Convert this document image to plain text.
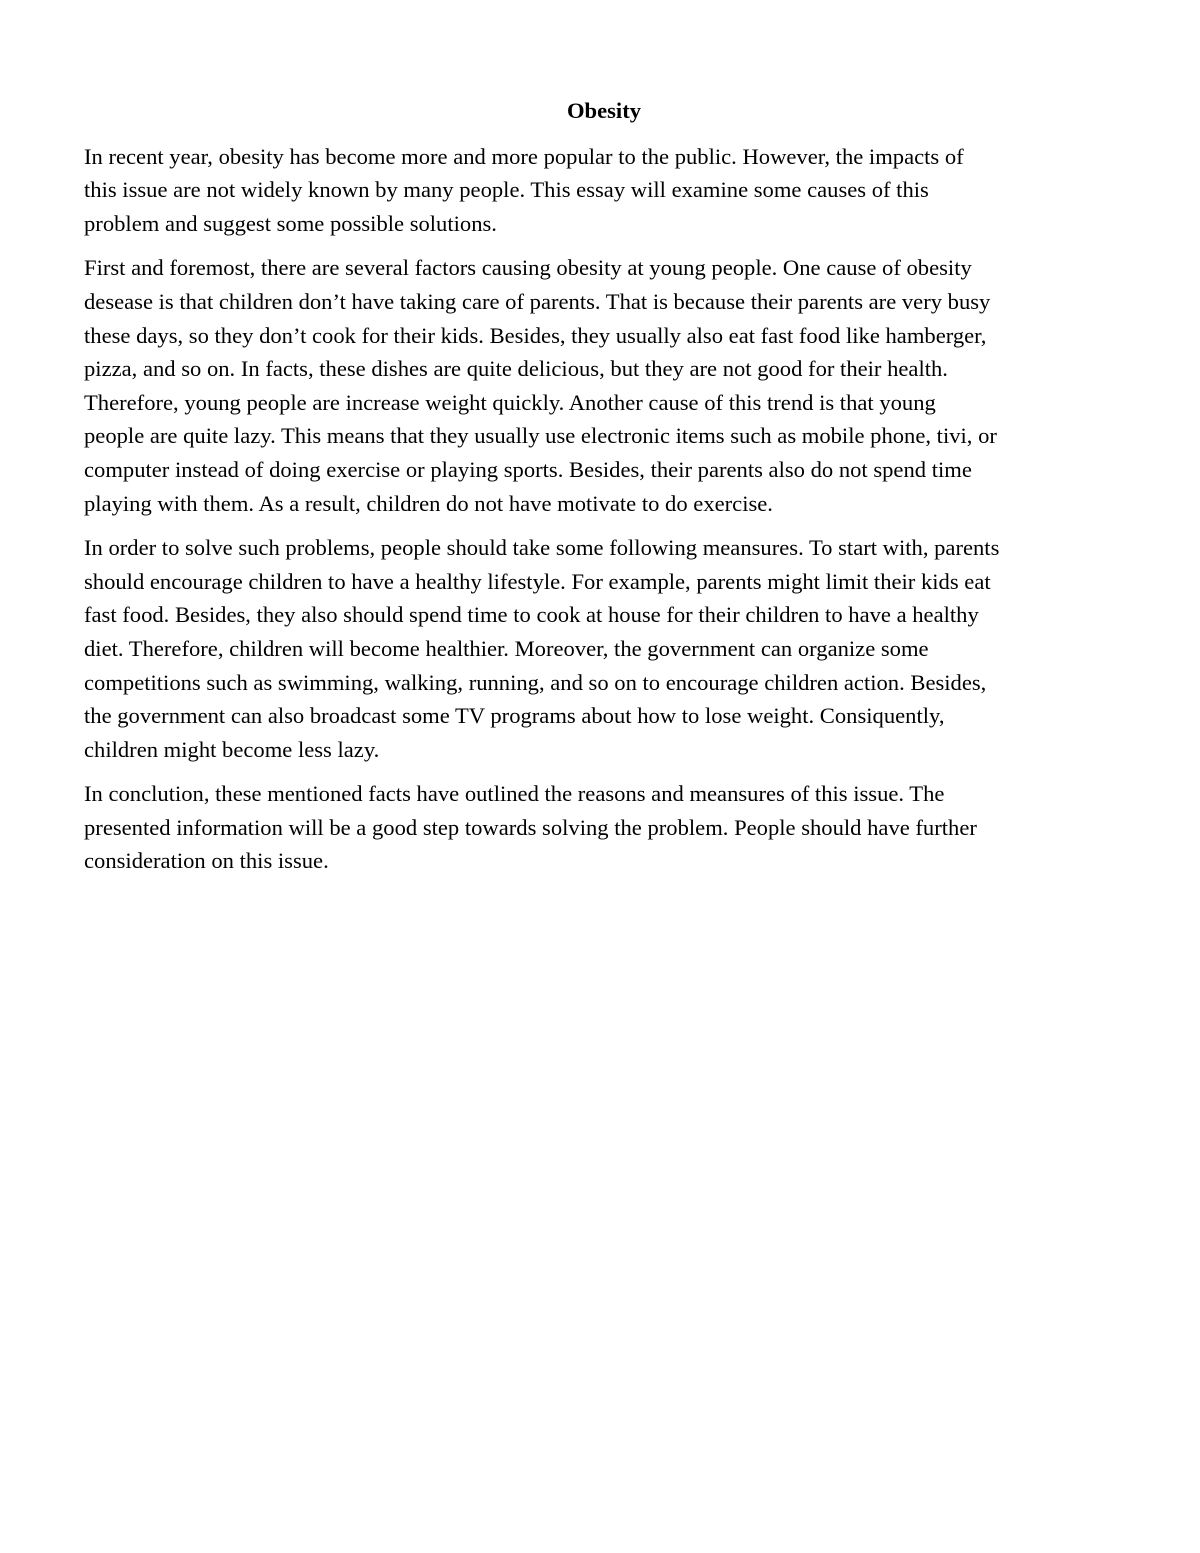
Obesity

In recent year, obesity has become more and more popular to the public. However, the impacts of
this issue are not widely known by many people. This essay will examine some causes of this
problem and suggest some possible solutions.

First and foremost, there are several factors causing obesity at young people. One cause of obesity
desease is that children don’t have taking care of parents. That is because their parents are very busy
these days, so they don’t cook for their kids. Besides, they usually also eat fast food like hamberger,
pizza, and so on. In facts, these dishes are quite delicious, but they are not good for their health.
Therefore, young people are increase weight quickly. Another cause of this trend is that young
people are quite lazy. This means that they usually use electronic items such as mobile phone, tivi, or
computer instead of doing exercise or playing sports. Besides, their parents also do not spend time
playing with them. As a result, children do not have motivate to do exercise.

In order to solve such problems, people should take some following meansures. To start with, parents
should encourage children to have a healthy lifestyle. For example, parents might limit their kids eat
fast food. Besides, they also should spend time to cook at house for their children to have a healthy
diet. Therefore, children will become healthier. Moreover, the government can organize some
competitions such as swimming, walking, running, and so on to encourage children action. Besides,
the government can also broadcast some TV programs about how to lose weight. Consiquently,
children might become less lazy.

In conclution, these mentioned facts have outlined the reasons and meansures of this issue. The
presented information will be a good step towards solving the problem. People should have further
consideration on this issue.
